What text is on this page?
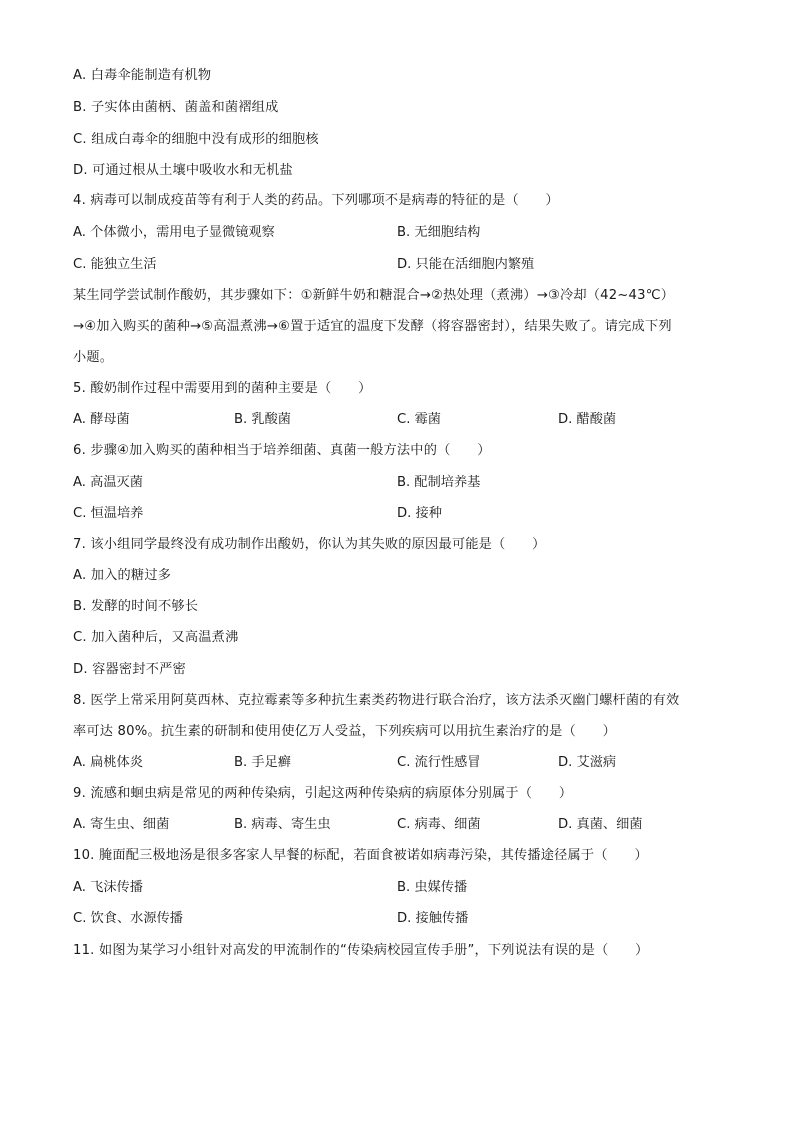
A. 白毒伞能制造有机物
B. 子实体由菌柄、菌盖和菌褶组成
C. 组成白毒伞的细胞中没有成形的细胞核
D. 可通过根从土壤中吸收水和无机盐
4. 病毒可以制成疫苗等有利于人类的药品。下列哪项不是病毒的特征的是（　　）
A. 个体微小，需用电子显微镜观察	B. 无细胞结构
C. 能独立生活	D. 只能在活细胞内繁殖
某生同学尝试制作酸奶，其步骤如下：①新鲜牛奶和糖混合→②热处理（煮沸）→③冷却（42~43℃）
→④加入购买的菌种→⑤高温煮沸→⑥置于适宜的温度下发酵（将容器密封），结果失败了。请完成下列
小题。
5. 酸奶制作过程中需要用到的菌种主要是（　　）
A. 酵母菌	B. 乳酸菌	C. 霉菌	D. 醋酸菌
6. 步骤④加入购买的菌种相当于培养细菌、真菌一般方法中的（　　）
A. 高温灭菌	B. 配制培养基
C. 恒温培养	D. 接种
7. 该小组同学最终没有成功制作出酸奶，你认为其失败的原因最可能是（　　）
A. 加入的糖过多
B. 发酵的时间不够长
C. 加入菌种后，又高温煮沸
D. 容器密封不严密
8. 医学上常采用阿莫西林、克拉霉素等多种抗生素类药物进行联合治疗，该方法杀灭幽门螺杆菌的有效
率可达 80%。抗生素的研制和使用使亿万人受益，下列疾病可以用抗生素治疗的是（　　）
A. 扁桃体炎	B. 手足癣	C. 流行性感冒	D. 艾滋病
9. 流感和蛔虫病是常见的两种传染病，引起这两种传染病的病原体分别属于（　　）
A. 寄生虫、细菌	B. 病毒、寄生虫	C. 病毒、细菌	D. 真菌、细菌
10. 腌面配三极地汤是很多客家人早餐的标配，若面食被诺如病毒污染，其传播途径属于（　　）
A. 飞沫传播	B. 虫媒传播
C. 饮食、水源传播	D. 接触传播
11. 如图为某学习小组针对高发的甲流制作的“传染病校园宣传手册”，下列说法有误的是（　　）
